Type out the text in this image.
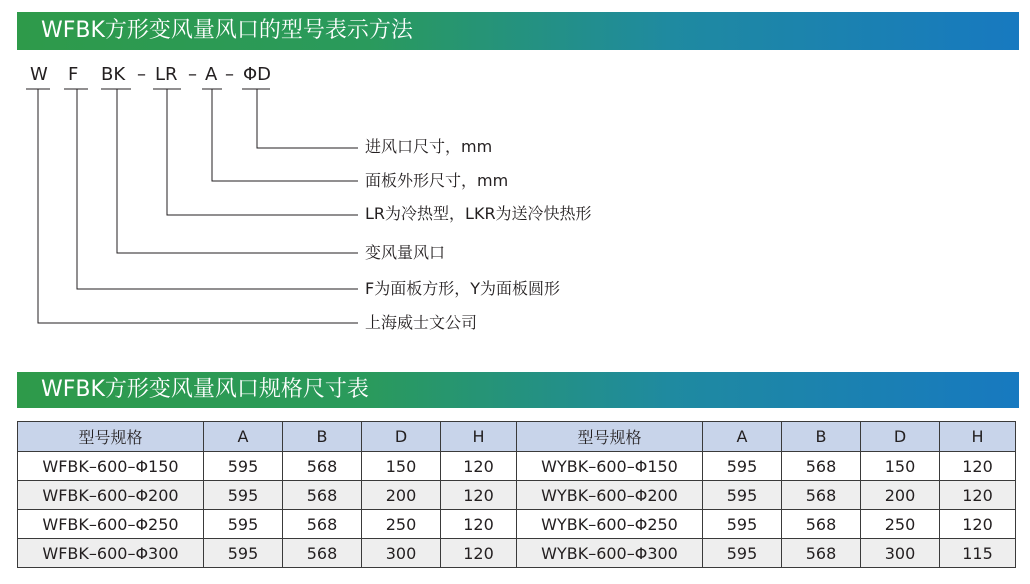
WFBK方形变风量风口的型号表示方法
W F BK – LR – A – ΦD
进风口尺寸，mm
面板外形尺寸，mm
LR为冷热型，LKR为送冷快热形
变风量风口
F为面板方形，Y为面板圆形
上海威士文公司
WFBK方形变风量风口规格尺寸表
型号规格	A	B	D	H	型号规格	A	B	D	H
WFBK–600–Φ150	595	568	150	120	WYBK–600–Φ150	595	568	150	120
WFBK–600–Φ200	595	568	200	120	WYBK–600–Φ200	595	568	200	120
WFBK–600–Φ250	595	568	250	120	WYBK–600–Φ250	595	568	250	120
WFBK–600–Φ300	595	568	300	120	WYBK–600–Φ300	595	568	300	115
